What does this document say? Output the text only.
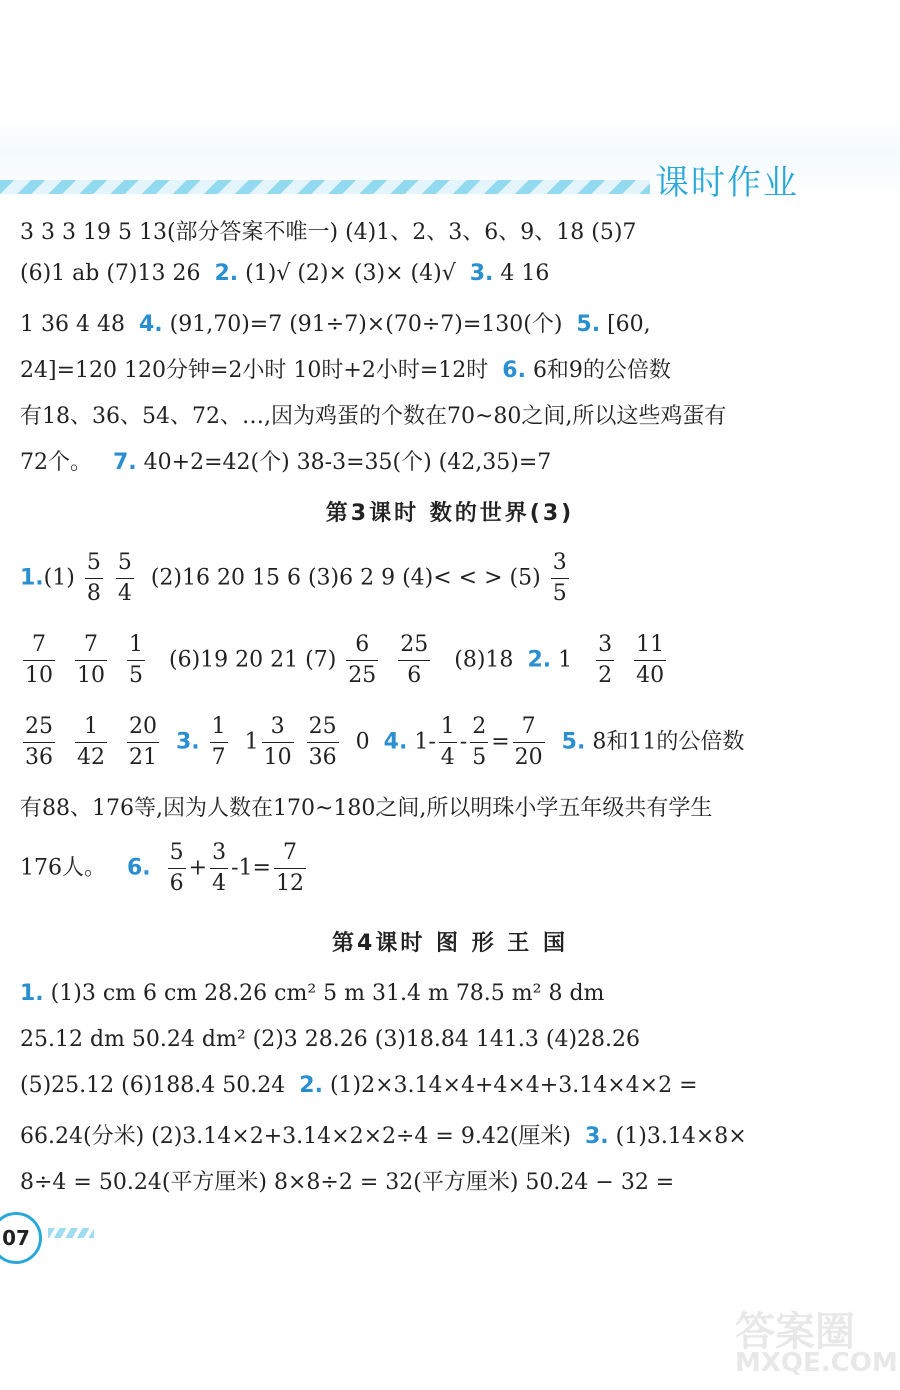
课时作业
3 3 3 19 5 13(部分答案不唯一) (4)1、2、3、6、9、18 (5)7
(6)1 ab (7)13 26 2. (1)√ (2)× (3)× (4)√ 3. 4 16
1 36 4 48 4. (91,70)=7 (91÷7)×(70÷7)=130(个) 5. [60,
24]=120 120分钟=2小时 10时+2小时=12时 6. 6和9的公倍数
有18、36、54、72、…,因为鸡蛋的个数在70~80之间,所以这些鸡蛋有
72个。 7. 40+2=42(个) 38-3=35(个) (42,35)=7
第3课时 数的世界(3)
$1.(1) \frac{5}{8}$
$\frac{5}{4} (2)16$ 20 15 6 (3)6 2 9 (4)< < > $(5) \frac{3}{5}$
$\frac{7}{10}$
$\frac{7}{10}$
$\frac{1}{5} (6)19$ 20 21 $(7) \frac{6}{25}$
$\frac{25}{6} (8)18$ 2. $1 \frac{3}{2}$
$\frac{11}{40}$
$\frac{25}{36}$
$\frac{1}{42}$
$\frac{20}{21} 3$. $\frac{1}{7} 1 \frac{3}{10}$
$\frac{25}{36} 0$ 4. $1- \frac{1}{4} - \frac{2}{5} = \frac{7}{20} 5$. 8和11的公倍数
有88、176等,因为人数在170~180之间,所以明珠小学五年级共有学生
176人。 6. $\frac{5}{6} + \frac{3}{4} -1= \frac{7}{12}$
第4课时 图 形 王 国
1. (1)3 cm 6 cm 28.26 cm² 5 m 31.4 m 78.5 m² 8 dm
25.12 dm 50.24 dm² (2)3 28.26 (3)18.84 141.3 (4)28.26
(5)25.12 (6)188.4 50.24 2. (1)2×3.14×4+4×4+3.14×4×2 =
66.24(分米) (2)3.14×2+3.14×2×2÷4 = 9.42(厘米) 3. (1)3.14×8×
8÷4 = 50.24(平方厘米) 8×8÷2 = 32(平方厘米) 50.24 − 32 =
07
答案圈
MXQE.COM
